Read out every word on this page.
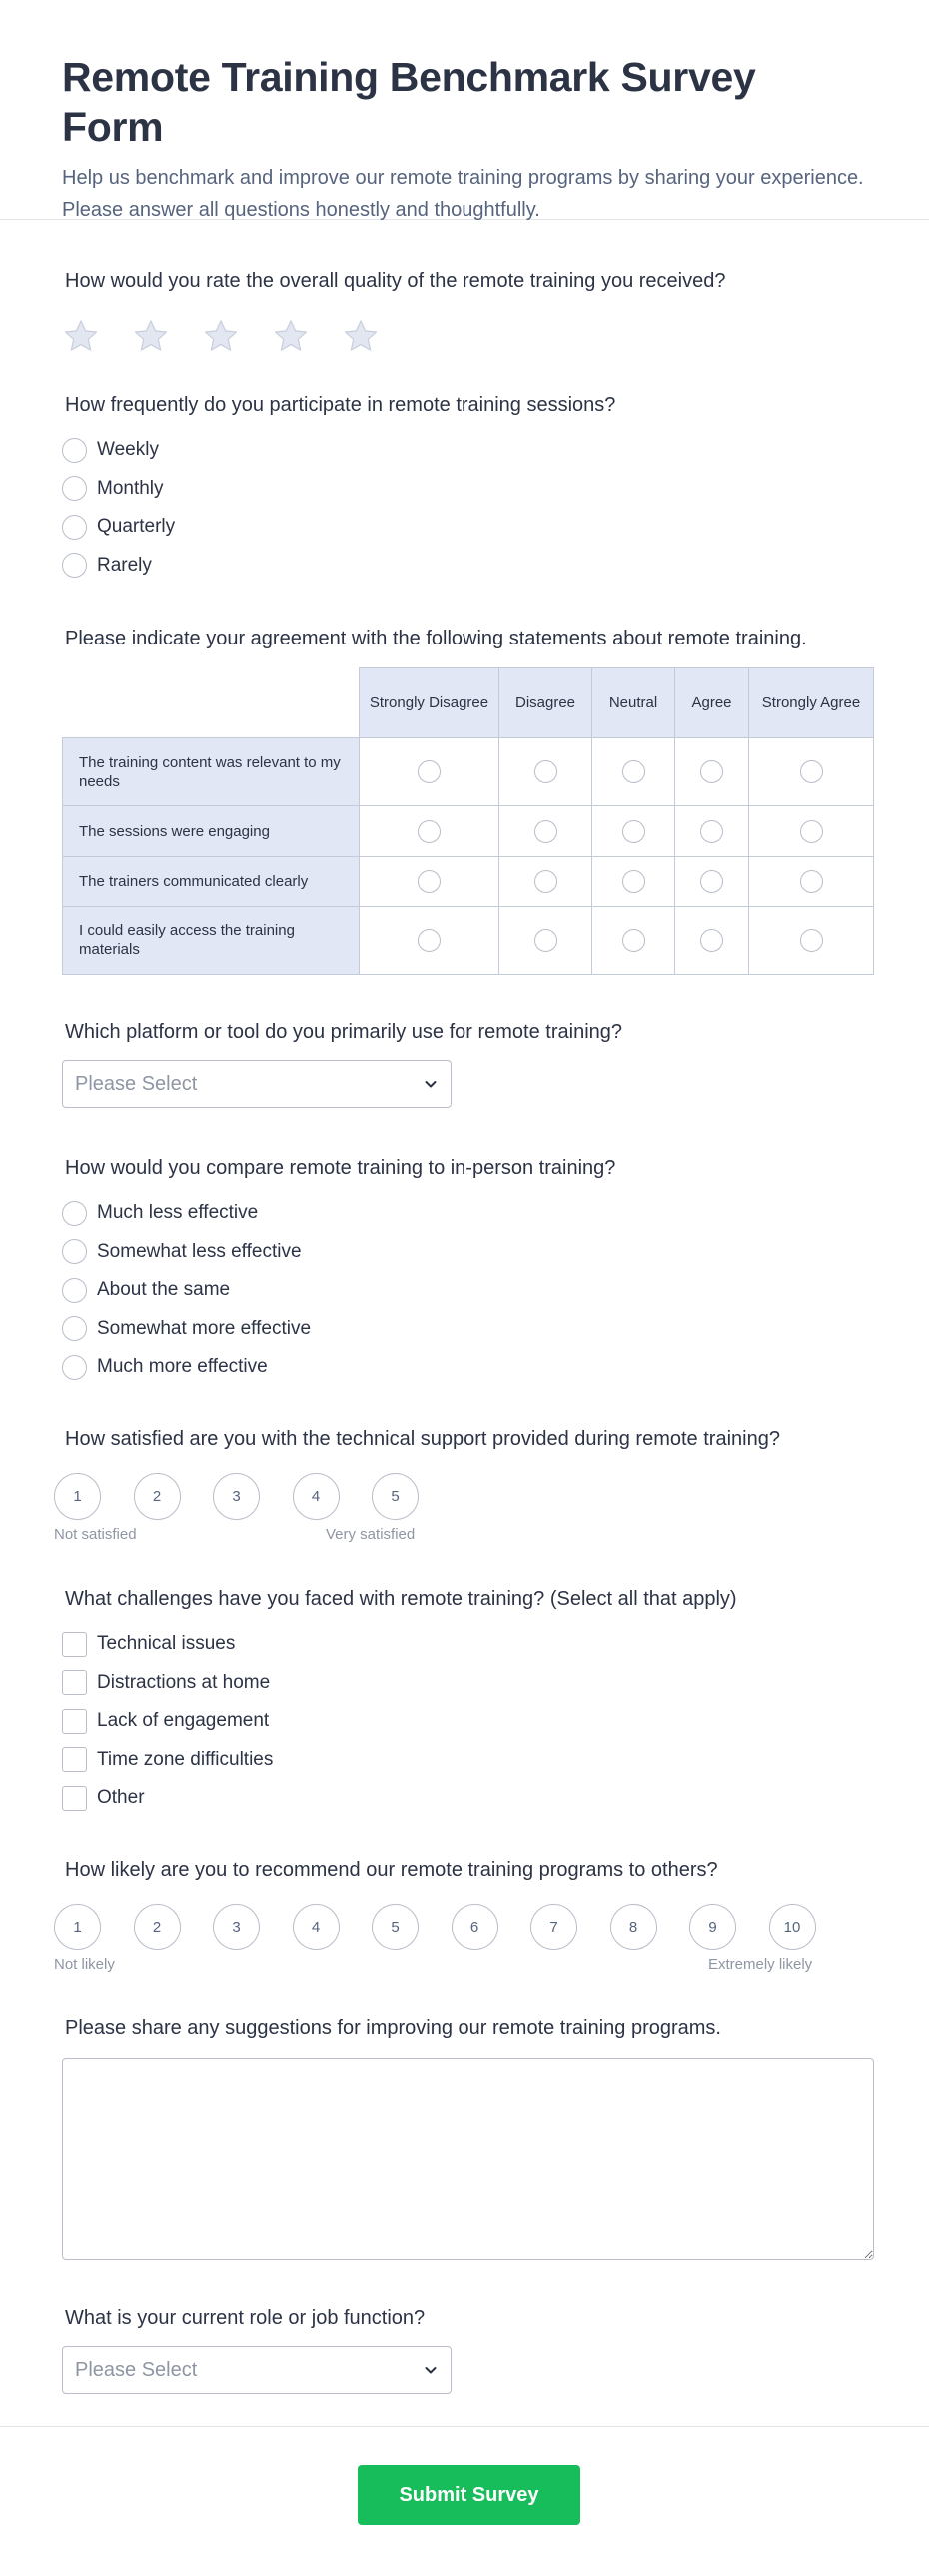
Remote Training Benchmark Survey Form

Help us benchmark and improve our remote training programs by sharing your experience. Please answer all questions honestly and thoughtfully.

How would you rate the overall quality of the remote training you received?
How frequently do you participate in remote training sessions?
Weekly
Monthly
Quarterly
Rarely
Please indicate your agreement with the following statements about remote training.
	Strongly Disagree	Disagree	Neutral	Agree	Strongly Agree
The training content was relevant to my needs					
The sessions were engaging					
The trainers communicated clearly					
I could easily access the training materials					
Which platform or tool do you primarily use for remote training?
Please Select
How would you compare remote training to in-person training?
Much less effective
Somewhat less effective
About the same
Somewhat more effective
Much more effective
How satisfied are you with the technical support provided during remote training?
1	2	3	4	5
Not satisfied	Very satisfied
What challenges have you faced with remote training? (Select all that apply)
Technical issues
Distractions at home
Lack of engagement
Time zone difficulties
Other
How likely are you to recommend our remote training programs to others?
1	2	3	4	5	6	7	8	9	10
Not likely	Extremely likely
Please share any suggestions for improving our remote training programs.
What is your current role or job function?
Please Select
Submit Survey
